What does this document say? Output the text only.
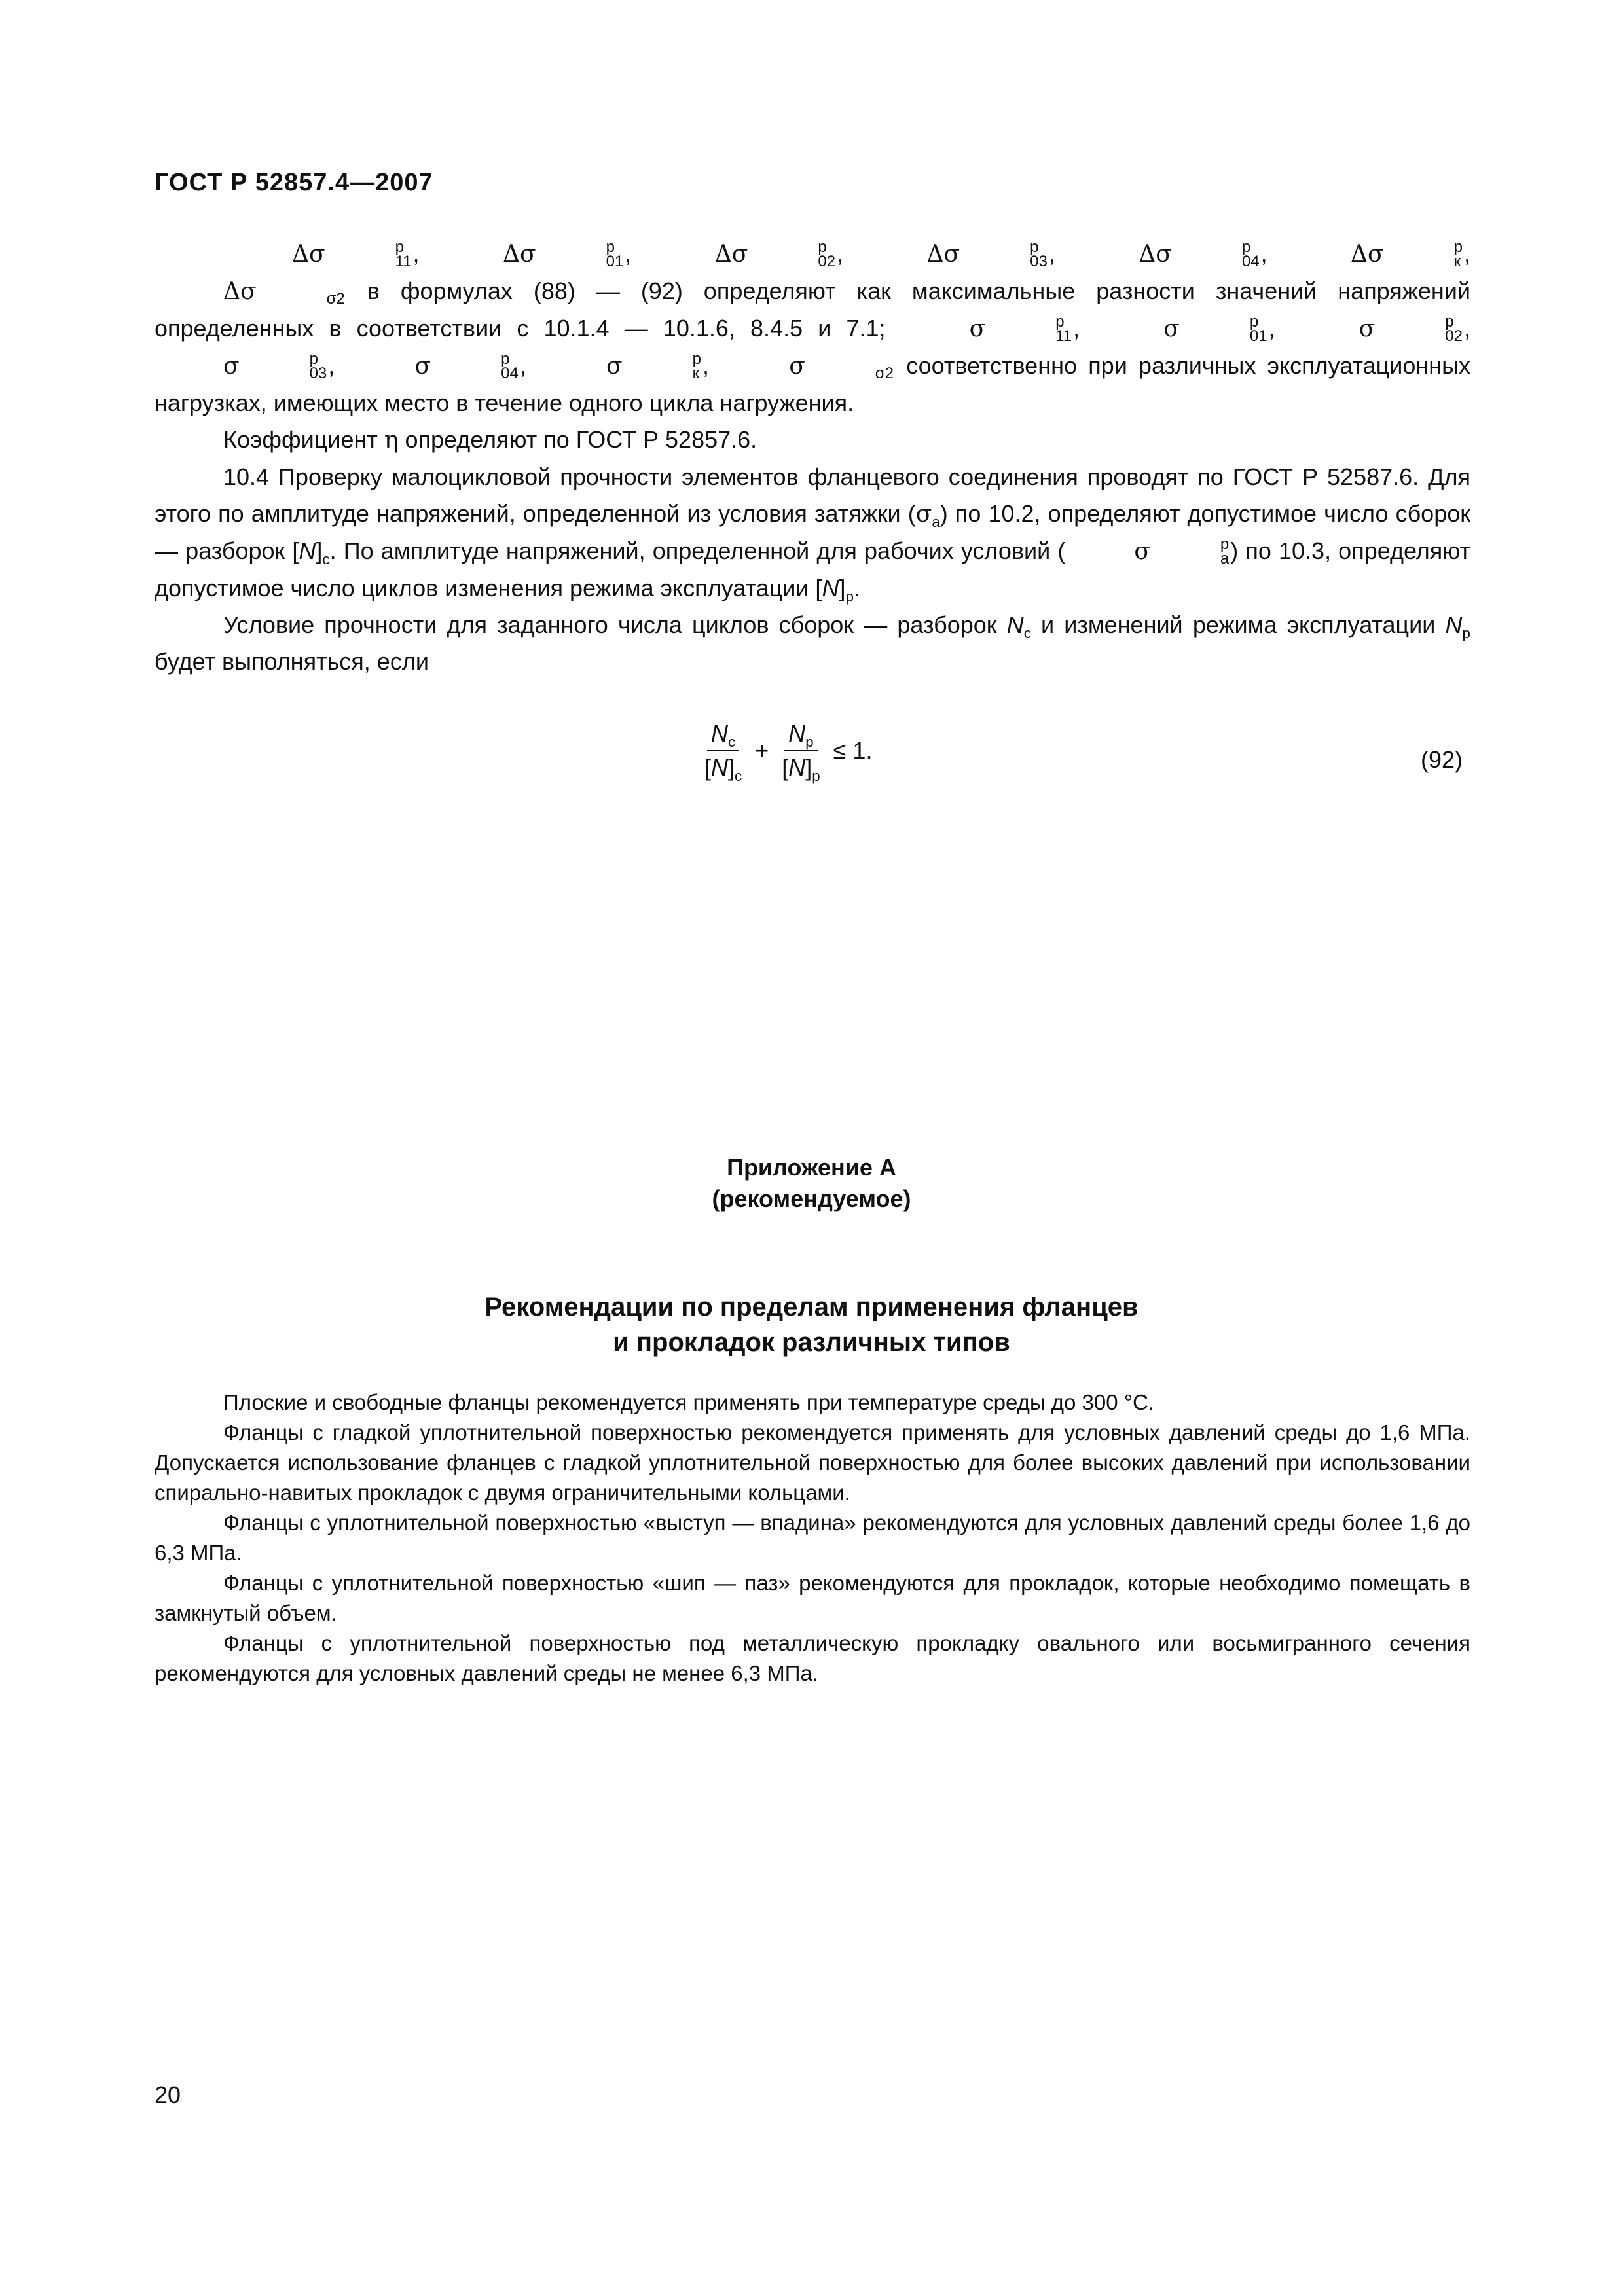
ГОСТ Р 52857.4—2007

Δσ	р
11 ,	Δσ	р
01 ,	Δσ	р
02 ,	Δσ	р
03 ,	Δσ	р
04 ,	Δσ	р
к ,
Δσ
	σ2 в формулах (88) — (92) определяют как максимальные разности значений напряжений определенных в соответствии с 10.1.4 — 10.1.6, 8.4.5 и 7.1;	σ	р
11 ,	σ	р
01 ,	σ	р
02 ,
σ	р
03 ,	σ	р
04 ,	σ	р
к ,	σ
	σ2 соответственно при различных эксплуатационных нагрузках, имеющих место в течение одного цикла нагружения.

Коэффициент η определяют по ГОСТ Р 52857.6.

10.4 Проверку малоцикловой прочности элементов фланцевого соединения проводят по ГОСТ Р 52587.6. Для этого по амплитуде напряжений, определенной из условия затяжки $(\sigma_а)$ по 10.2, определяют допустимое число сборок — разборок $[N]_с$. По амплитуде напряжений, определенной для рабочих условий (	σ	р
а ) по 10.3, определяют допустимое число циклов изменения режима эксплуатации $[N]_р$.

Условие прочности для заданного числа циклов сборок — разборок $N_с$ и изменений режима эксплуатации $N_р$ будет выполняться, если

$\frac{N_с}{[N]_с} + \frac{N_р}{[N]_р} \le 1$.	(92)
Приложение А
(рекомендуемое)
Рекомендации по пределам применения фланцев
и прокладок различных типов

Плоские и свободные фланцы рекомендуется применять при температуре среды до 300 °С.

Фланцы с гладкой уплотнительной поверхностью рекомендуется применять для условных давлений среды до 1,6 МПа. Допускается использование фланцев с гладкой уплотнительной поверхностью для более высоких давлений при использовании спирально-навитых прокладок с двумя ограничительными кольцами.

Фланцы с уплотнительной поверхностью «выступ — впадина» рекомендуются для условных давлений среды более 1,6 до 6,3 МПа.

Фланцы с уплотнительной поверхностью «шип — паз» рекомендуются для прокладок, которые необходимо помещать в замкнутый объем.

Фланцы с уплотнительной поверхностью под металлическую прокладку овального или восьмигранного сечения рекомендуются для условных давлений среды не менее 6,3 МПа.

20
